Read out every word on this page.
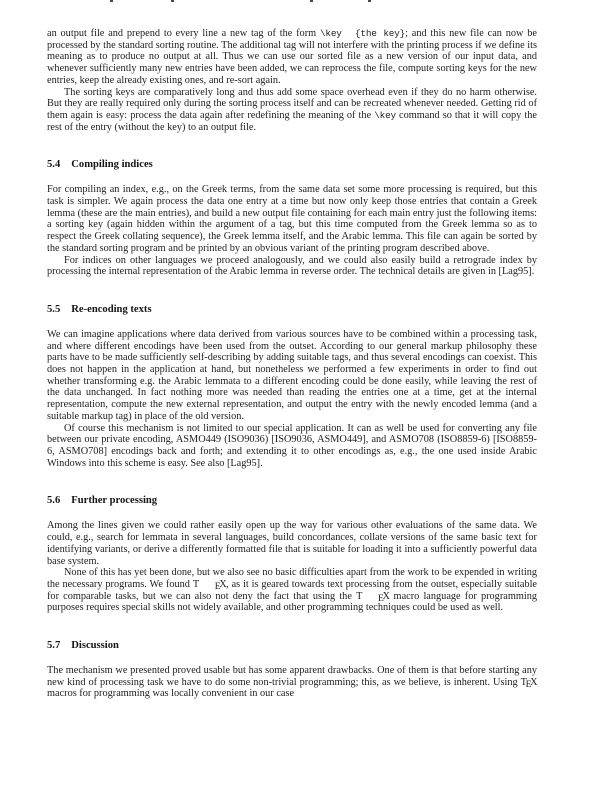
an output file and prepend to every line a new tag of the form \key  {the key}; and this new file can now be processed by the standard sorting routine. The additional tag will not interfere with the printing process if we define its meaning as to produce no output at all. Thus we can use our sorted file as a new version of our input data, and whenever sufficiently many new entries have been added, we can reprocess the file, compute sorting keys for the new entries, keep the already existing ones, and re-sort again.

The sorting keys are comparatively long and thus add some space overhead even if they do no harm otherwise. But they are really required only during the sorting process itself and can be recreated whenever needed. Getting rid of them again is easy: process the data again after redefining the meaning of the \key command so that it will copy the rest of the entry (without the key) to an output file.

5.4 Compiling indices

For compiling an index, e.g., on the Greek terms, from the same data set some more processing is required, but this task is simpler. We again process the data one entry at a time but now only keep those entries that contain a Greek lemma (these are the main entries), and build a new output file containing for each main entry just the following items: a sorting key (again hidden within the argument of a tag, but this time computed from the Greek lemma so as to respect the Greek collating sequence), the Greek lemma itself, and the Arabic lemma. This file can again be sorted by the standard sorting program and be printed by an obvious variant of the printing program described above.

For indices on other languages we proceed analogously, and we could also easily build a retrograde index by processing the internal representation of the Arabic lemma in reverse order. The technical details are given in [Lag95].

5.5 Re-encoding texts

We can imagine applications where data derived from various sources have to be combined within a processing task, and where different encodings have been used from the outset. According to our general markup philosophy these parts have to be made sufficiently self-describing by adding suitable tags, and thus several encodings can coexist. This does not happen in the application at hand, but nonetheless we performed a few experiments in order to find out whether transforming e.g. the Arabic lemmata to a different encoding could be done easily, while leaving the rest of the data unchanged. In fact nothing more was needed than reading the entries one at a time, get at the internal representation, compute the new external representation, and output the entry with the newly encoded lemma (and a suitable markup tag) in place of the old version.

Of course this mechanism is not limited to our special application. It can as well be used for converting any file between our private encoding, ASMO449 (ISO9036) [ISO9036, ASMO449], and ASMO708 (ISO8859-6) [ISO8859-6, ASMO708] encodings back and forth; and extending it to other encodings as, e.g., the one used inside Arabic Windows into this scheme is easy. See also [Lag95].

5.6 Further processing

Among the lines given we could rather easily open up the way for various other evaluations of the same data. We could, e.g., search for lemmata in several languages, build concordances, collate versions of the same basic text for identifying variants, or derive a differently formatted file that is suitable for loading it into a sufficiently powerful data base system.

None of this has yet been done, but we also see no basic difficulties apart from the work to be expended in writing the necessary programs. We found T EX, as it is geared towards text processing from the outset, especially suitable for comparable tasks, but we can also not deny the fact that using the T EX macro language for programming purposes requires special skills not widely available, and other programming techniques could be used as well.

5.7 Discussion

The mechanism we presented proved usable but has some apparent drawbacks. One of them is that before starting any new kind of processing task we have to do some non-trivial programming; this, as we believe, is inherent. Using TEX macros for programming was locally convenient in our case
